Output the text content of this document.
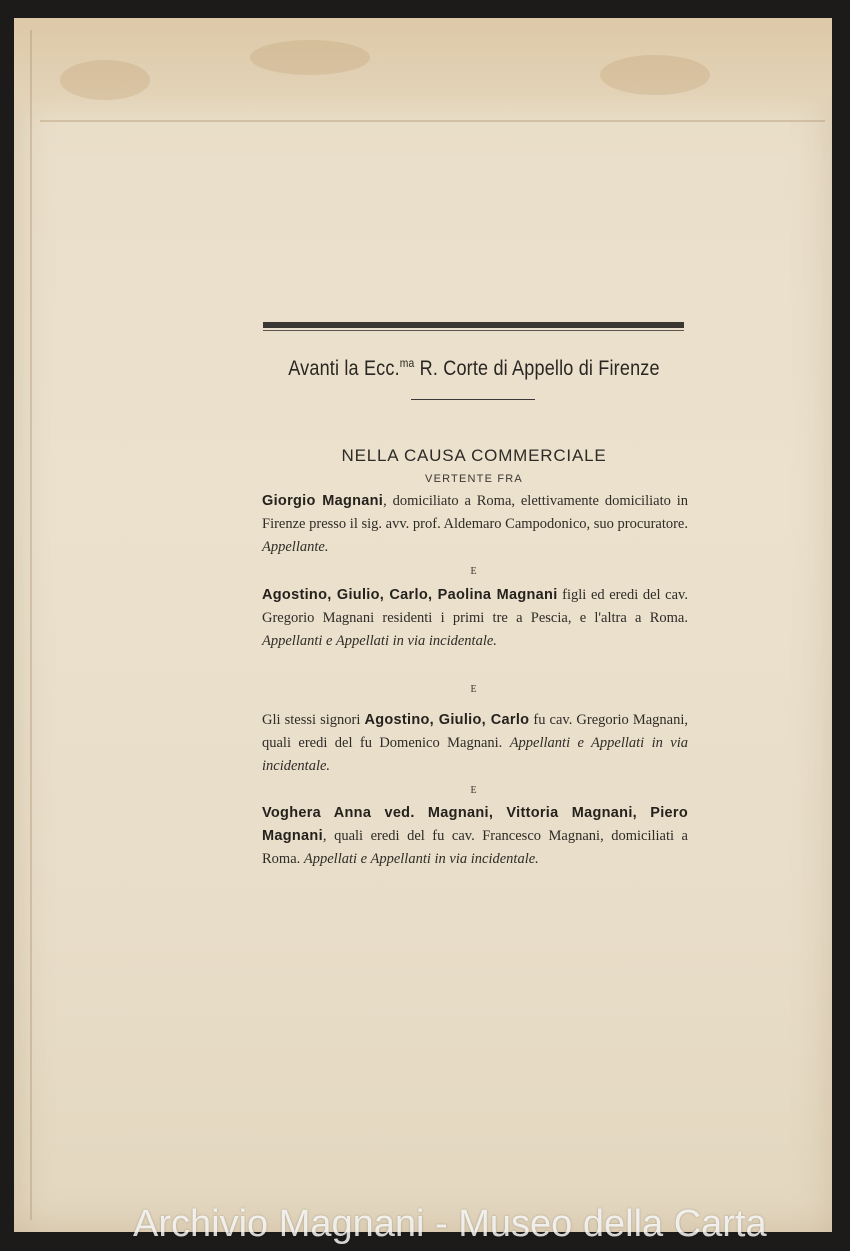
Avanti la Ecc.$^{ma}$ R. Corte di Appello di Firenze
NELLA CAUSA COMMERCIALE
VERTENTE FRA
Giorgio Magnani, domiciliato a Roma, elettivamente domiciliato in Firenze presso il sig. avv. prof. Aldemaro Campodonico, suo procuratore. Appellante.
E
Agostino, Giulio, Carlo, Paolina Magnani figli ed eredi del cav. Gregorio Magnani residenti i primi tre a Pescia, e l'altra a Roma. Appellanti e Appellati in via incidentale.
E
Gli stessi signori Agostino, Giulio, Carlo fu cav. Gregorio Magnani, quali eredi del fu Domenico Magnani. Appellanti e Appellati in via incidentale.
E
Voghera Anna ved. Magnani, Vittoria Magnani, Piero Magnani, quali eredi del fu cav. Francesco Magnani, domiciliati a Roma. Appellati e Appellanti in via incidentale.
Archivio Magnani - Museo della Carta
